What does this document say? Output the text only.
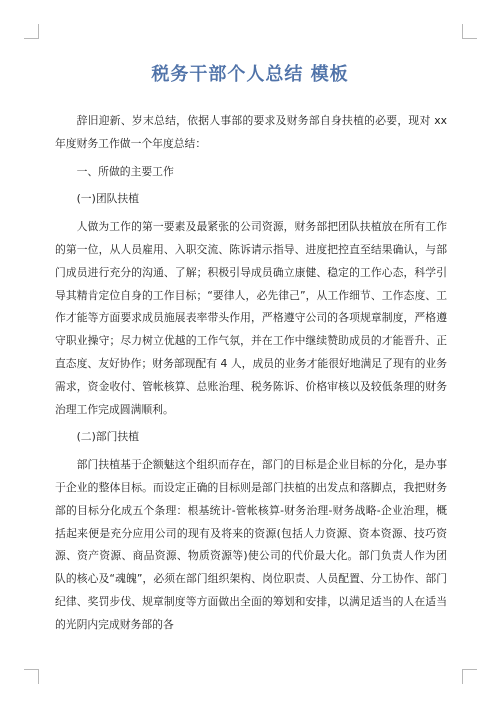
税务干部个人总结 模板

辞旧迎新、岁末总结，依据人事部的要求及财务部自身扶植的必要，现对 xx 年度财务工作做一个年度总结：

一、所做的主要工作

(一)团队扶植

人做为工作的第一要素及最紧张的公司资源，财务部把团队扶植放在所有工作的第一位，从人员雇用、入职交流、陈诉请示指导、进度把控直至结果确认，与部门成员进行充分的沟通、了解；积极引导成员确立康健、稳定的工作心态，科学引导其精肯定位自身的工作目标；“要律人，必先律己”，从工作细节、工作态度、工作才能等方面要求成员施展表率带头作用，严格遵守公司的各项规章制度，严格遵守职业操守；尽力树立优越的工作气氛，并在工作中继续赞助成员的才能晋升、正直态度、友好协作；财务部现配有 4 人，成员的业务才能很好地满足了现有的业务需求，资金收付、管帐核算、总账治理、税务陈诉、价格审核以及较低条理的财务治理工作完成圆满顺利。

(二)部门扶植

部门扶植基于企额魅这个组织而存在，部门的目标是企业目标的分化，是办事于企业的整体目标。而设定正确的目标则是部门扶植的出发点和落脚点，我把财务部的目标分化成五个条理：根基统计-管帐核算-财务治理-财务战略-企业治理，概括起来便是充分应用公司的现有及将来的资源(包括人力资源、资本资源、技巧资源、资产资源、商品资源、物质资源等)使公司的代价最大化。部门负责人作为团队的核心及“魂魄”，必须在部门组织架构、岗位职责、人员配置、分工协作、部门纪律、奖罚步伐、规章制度等方面做出全面的筹划和安排，以满足适当的人在适当的光阴内完成财务部的各
